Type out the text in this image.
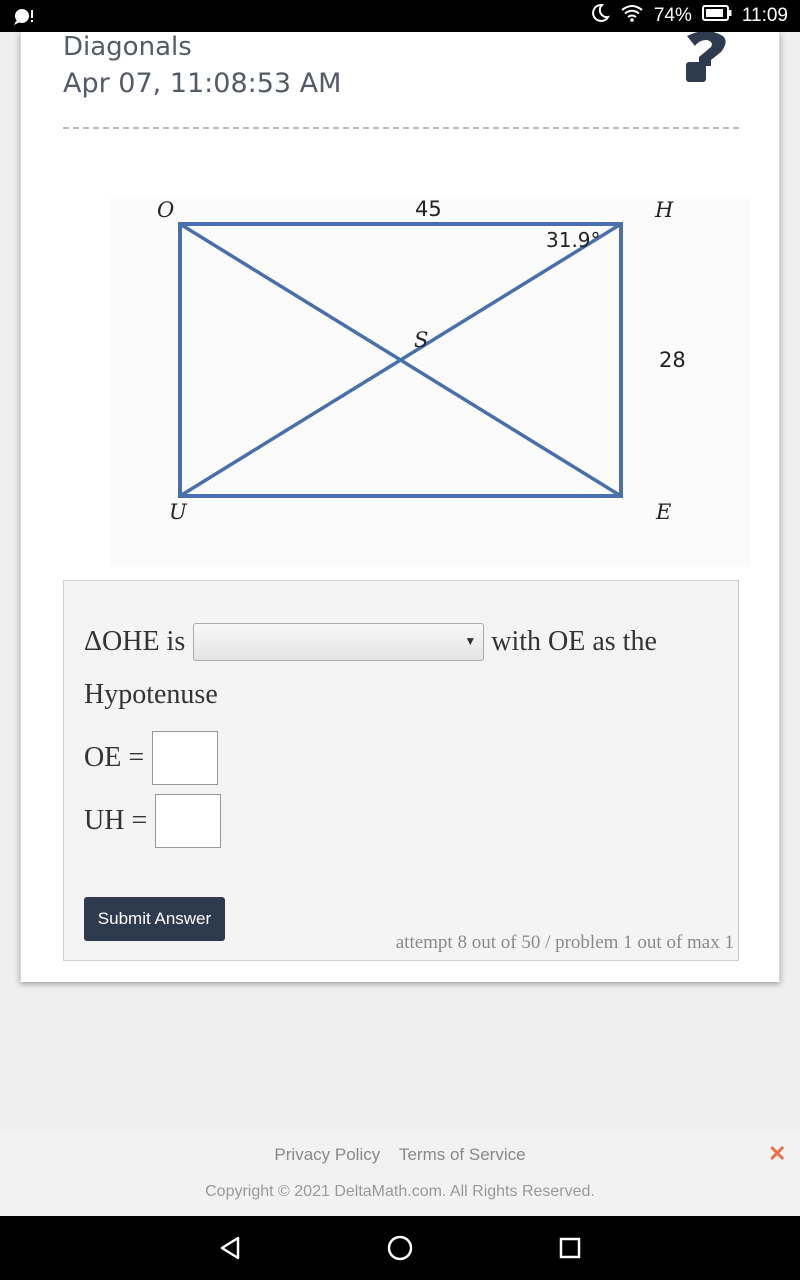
74%	11:09
Diagonals
Apr 07, 11:08:53 AM
O	H
U	E
S
45
28
31.9°
ΔOHE is	▼ with OE as the
Hypotenuse
OE =
UH =
Submit Answer
attempt 8 out of 50 / problem 1 out of max 1
Privacy Policy Terms of Service
Copyright © 2021 DeltaMath.com. All Rights Reserved.
✕
